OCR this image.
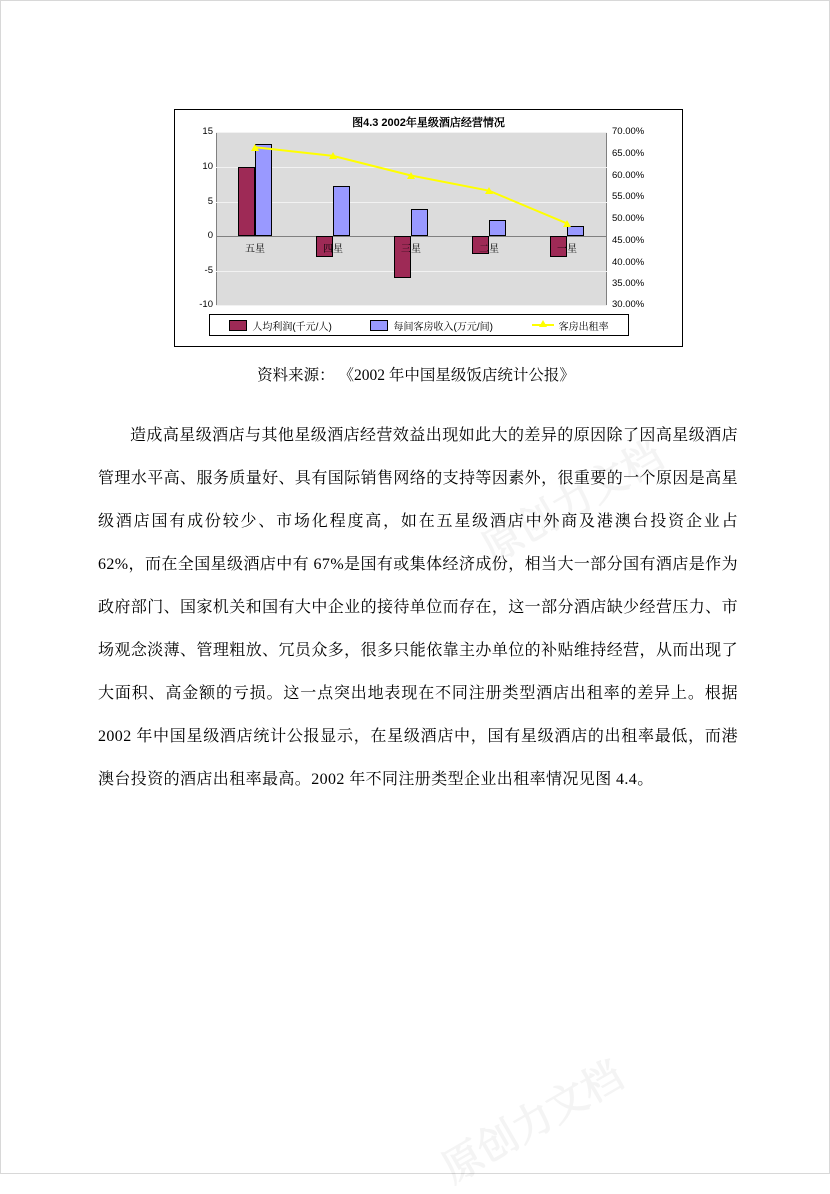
图4.3 2002年星级酒店经营情况
15
10
5
0
-5
-10
70.00%
65.00%
60.00%
55.00%
50.00%
45.00%
40.00%
35.00%
30.00%
五星	四星	三星	二星	一星
人均利润(千元/人)	每间客房收入(万元/间)	客房出租率
资料来源： 《2002 年中国星级饭店统计公报》
造成高星级酒店与其他星级酒店经营效益出现如此大的差异的原因除了因高星级酒店管理水平高、服务质量好、具有国际销售网络的支持等因素外，很重要的一个原因是高星级酒店国有成份较少、市场化程度高，如在五星级酒店中外商及港澳台投资企业占 62%，而在全国星级酒店中有 67%是国有或集体经济成份，相当大一部分国有酒店是作为政府部门、国家机关和国有大中企业的接待单位而存在，这一部分酒店缺少经营压力、市场观念淡薄、管理粗放、冗员众多，很多只能依靠主办单位的补贴维持经营，从而出现了大面积、高金额的亏损。这一点突出地表现在不同注册类型酒店出租率的差异上。根据 2002 年中国星级酒店统计公报显示，在星级酒店中，国有星级酒店的出租率最低，而港澳台投资的酒店出租率最高。2002 年不同注册类型企业出租率情况见图 4.4。
